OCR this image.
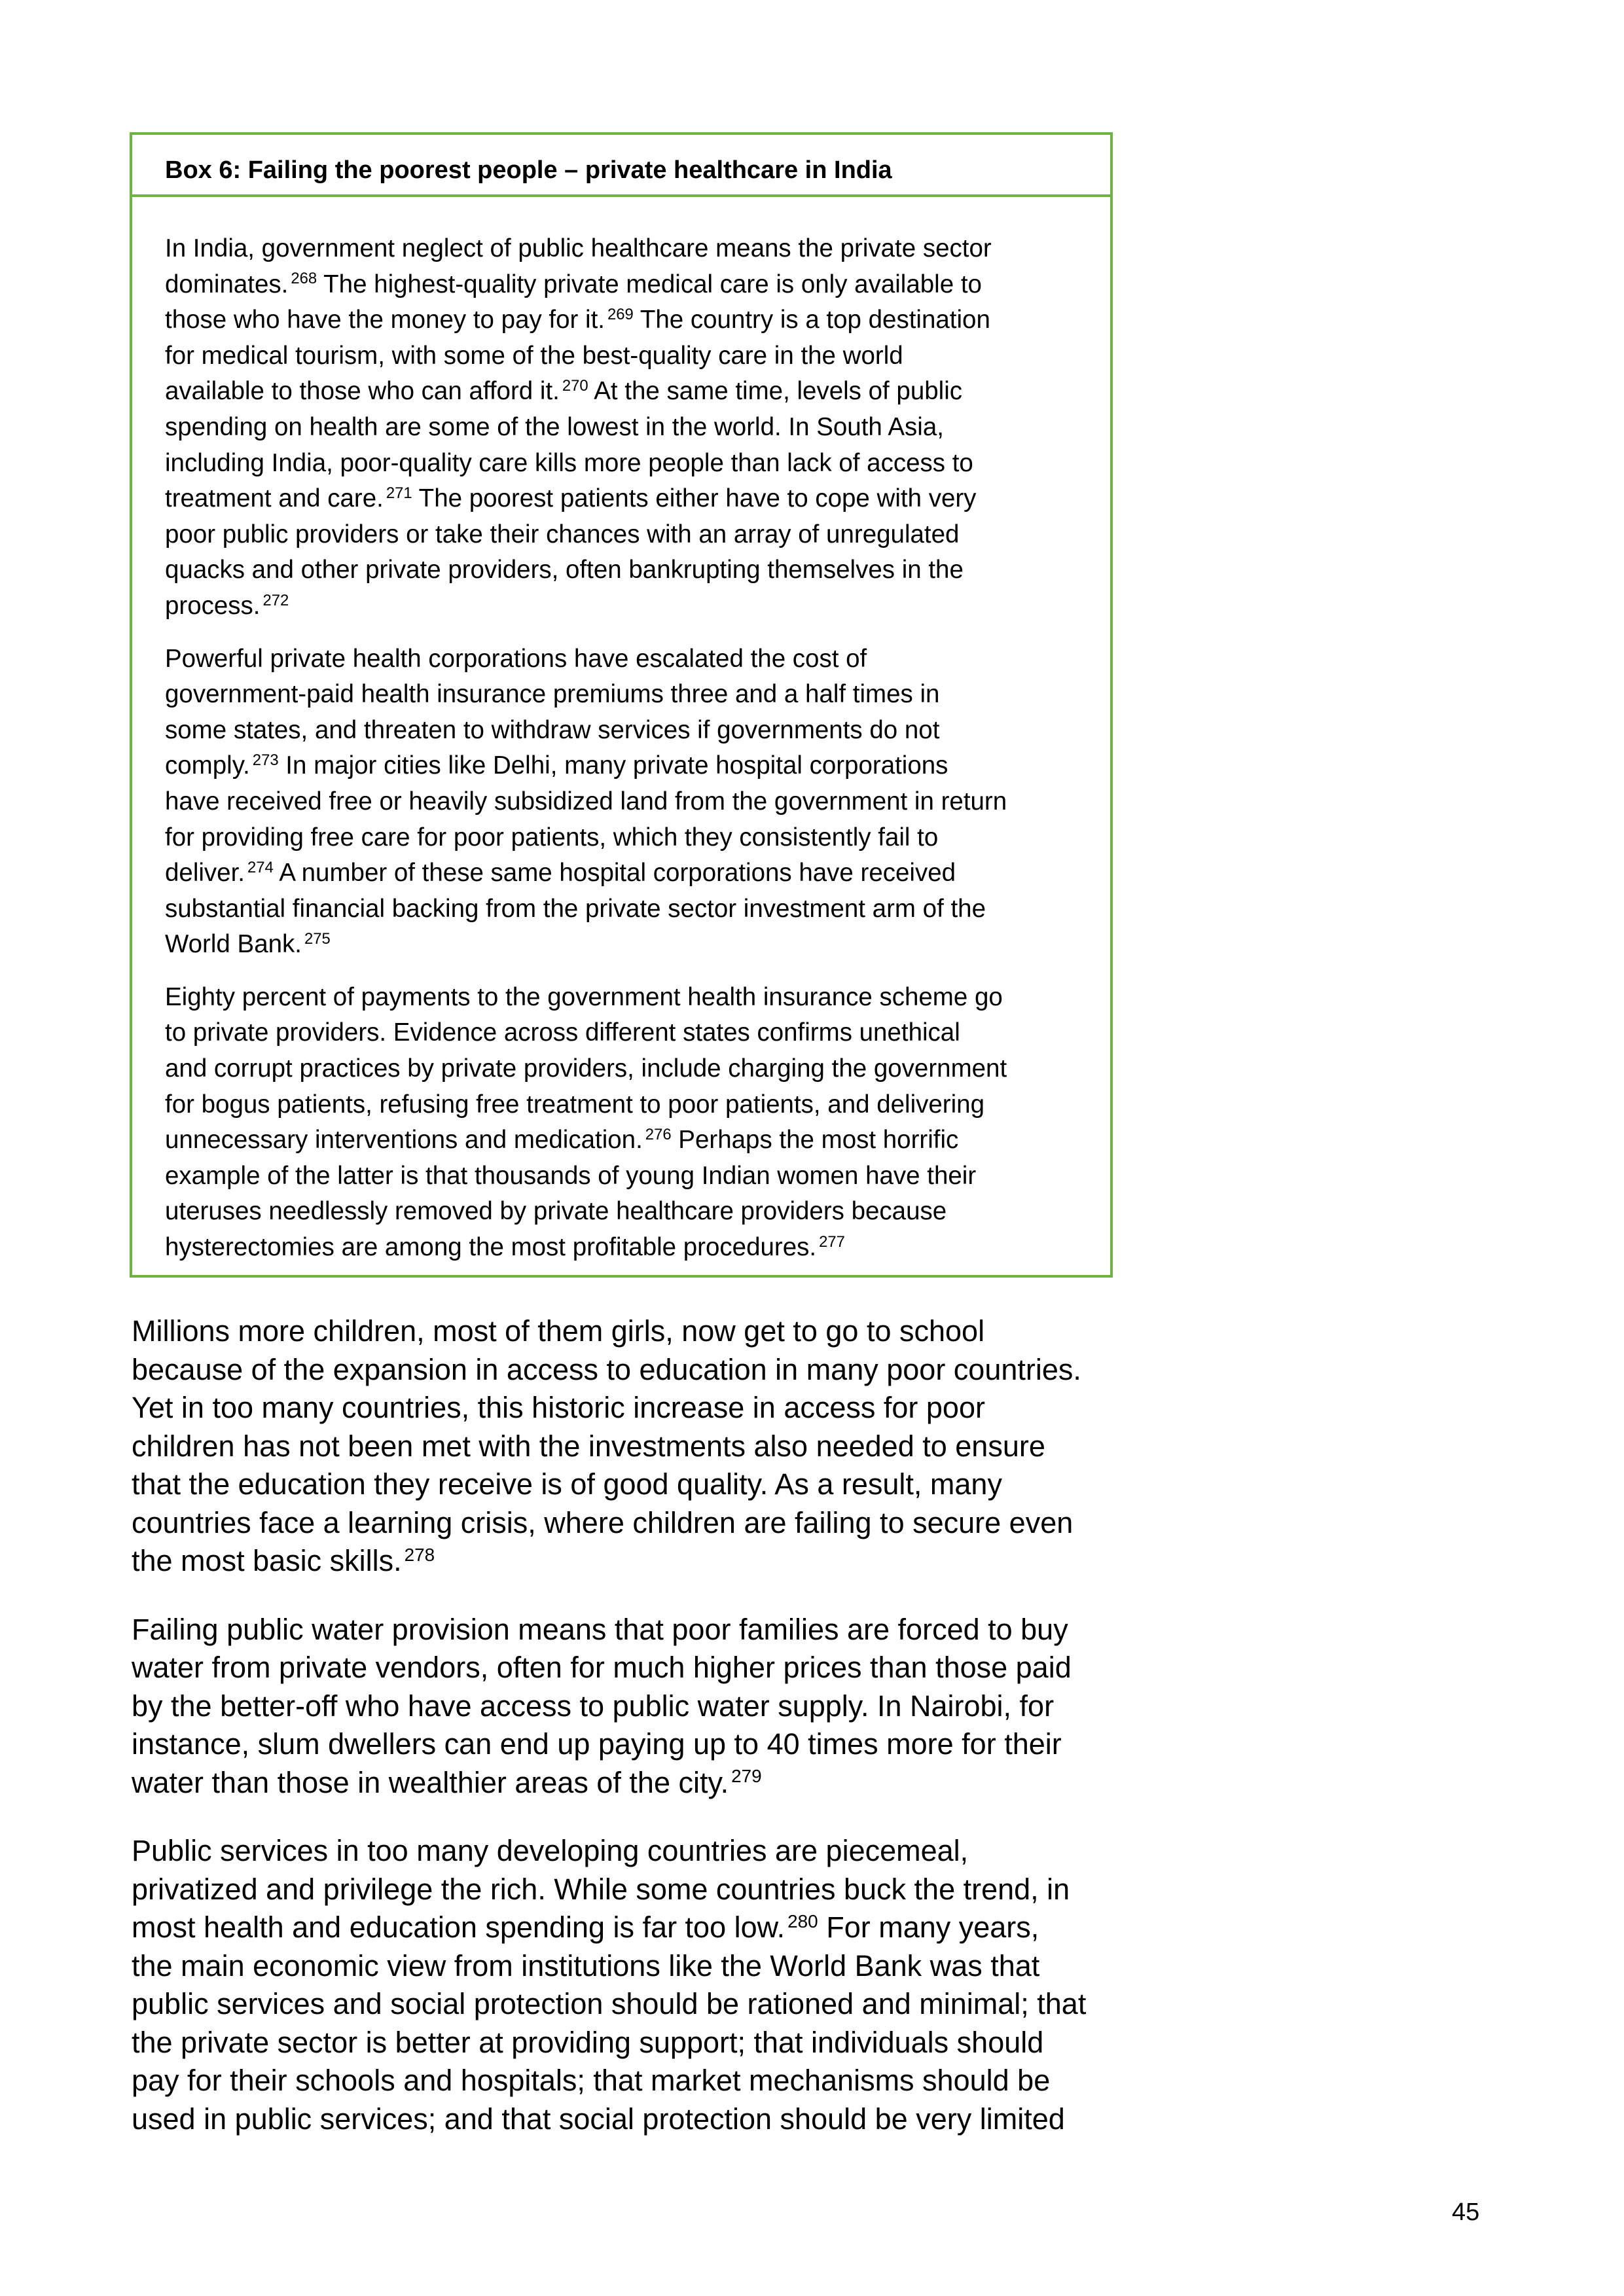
Box 6: Failing the poorest people – private healthcare in India
In India, government neglect of public healthcare means the private sector
dominates. $^{268}$ The highest-quality private medical care is only available to
those who have the money to pay for it. $^{269}$ The country is a top destination
for medical tourism, with some of the best-quality care in the world
available to those who can afford it. $^{270}$ At the same time, levels of public
spending on health are some of the lowest in the world. In South Asia,
including India, poor-quality care kills more people than lack of access to
treatment and care. $^{271}$ The poorest patients either have to cope with very
poor public providers or take their chances with an array of unregulated
quacks and other private providers, often bankrupting themselves in the
process. $^{272}$
Powerful private health corporations have escalated the cost of
government-paid health insurance premiums three and a half times in
some states, and threaten to withdraw services if governments do not
comply. $^{273}$ In major cities like Delhi, many private hospital corporations
have received free or heavily subsidized land from the government in return
for providing free care for poor patients, which they consistently fail to
deliver. $^{274}$ A number of these same hospital corporations have received
substantial financial backing from the private sector investment arm of the
World Bank. $^{275}$
Eighty percent of payments to the government health insurance scheme go
to private providers. Evidence across different states confirms unethical
and corrupt practices by private providers, include charging the government
for bogus patients, refusing free treatment to poor patients, and delivering
unnecessary interventions and medication. $^{276}$ Perhaps the most horrific
example of the latter is that thousands of young Indian women have their
uteruses needlessly removed by private healthcare providers because
hysterectomies are among the most profitable procedures. $^{277}$
Millions more children, most of them girls, now get to go to school
because of the expansion in access to education in many poor countries.
Yet in too many countries, this historic increase in access for poor
children has not been met with the investments also needed to ensure
that the education they receive is of good quality. As a result, many
countries face a learning crisis, where children are failing to secure even
the most basic skills. $^{278}$
Failing public water provision means that poor families are forced to buy
water from private vendors, often for much higher prices than those paid
by the better-off who have access to public water supply. In Nairobi, for
instance, slum dwellers can end up paying up to 40 times more for their
water than those in wealthier areas of the city. $^{279}$
Public services in too many developing countries are piecemeal,
privatized and privilege the rich. While some countries buck the trend, in
most health and education spending is far too low. $^{280}$ For many years,
the main economic view from institutions like the World Bank was that
public services and social protection should be rationed and minimal; that
the private sector is better at providing support; that individuals should
pay for their schools and hospitals; that market mechanisms should be
used in public services; and that social protection should be very limited
45
